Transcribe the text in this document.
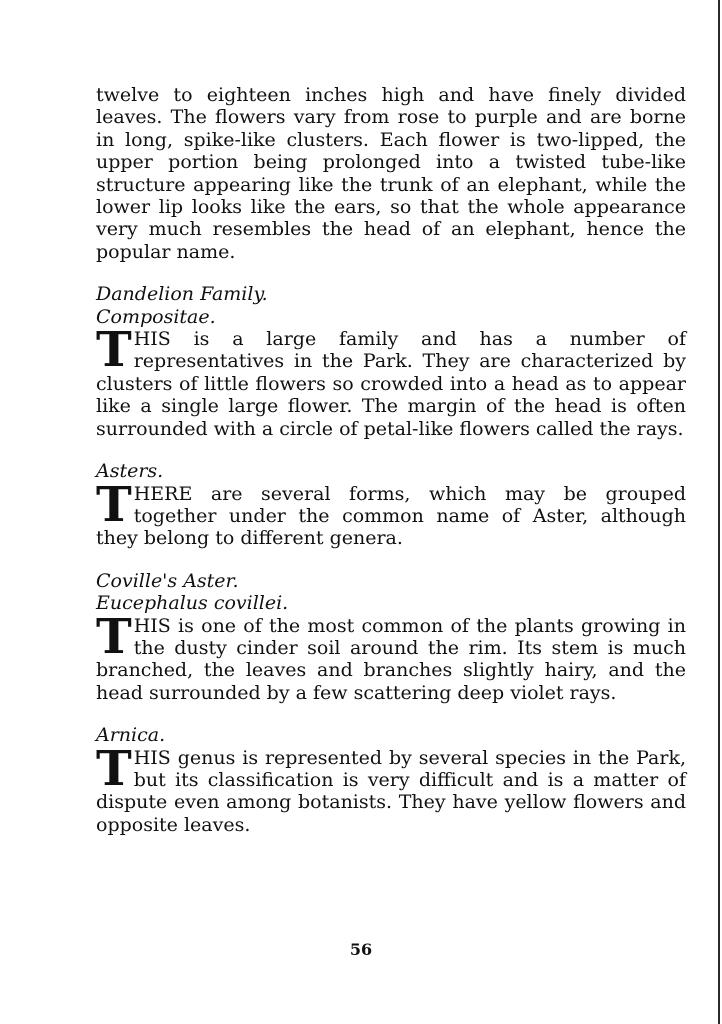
twelve to eighteen inches high and have finely divided leaves. The flowers vary from rose to purple and are borne in long, spike-like clusters. Each flower is two-lipped, the upper portion being prolonged into a twisted tube-like structure appearing like the trunk of an elephant, while the lower lip looks like the ears, so that the whole appearance very much resembles the head of an elephant, hence the popular name.

Dandelion Family.
Compositae.

THIS is a large family and has a number of representatives in the Park. They are characterized by clusters of little flowers so crowded into a head as to appear like a single large flower. The margin of the head is often surrounded with a circle of petal-like flowers called the rays.

Asters.

THERE are several forms, which may be grouped together under the common name of Aster, although they belong to different genera.

Coville's Aster.
Eucephalus covillei.

THIS is one of the most common of the plants growing in the dusty cinder soil around the rim. Its stem is much branched, the leaves and branches slightly hairy, and the head surrounded by a few scattering deep violet rays.

Arnica.

THIS genus is represented by several species in the Park, but its classification is very difficult and is a matter of dispute even among botanists. They have yellow flowers and opposite leaves.

56
